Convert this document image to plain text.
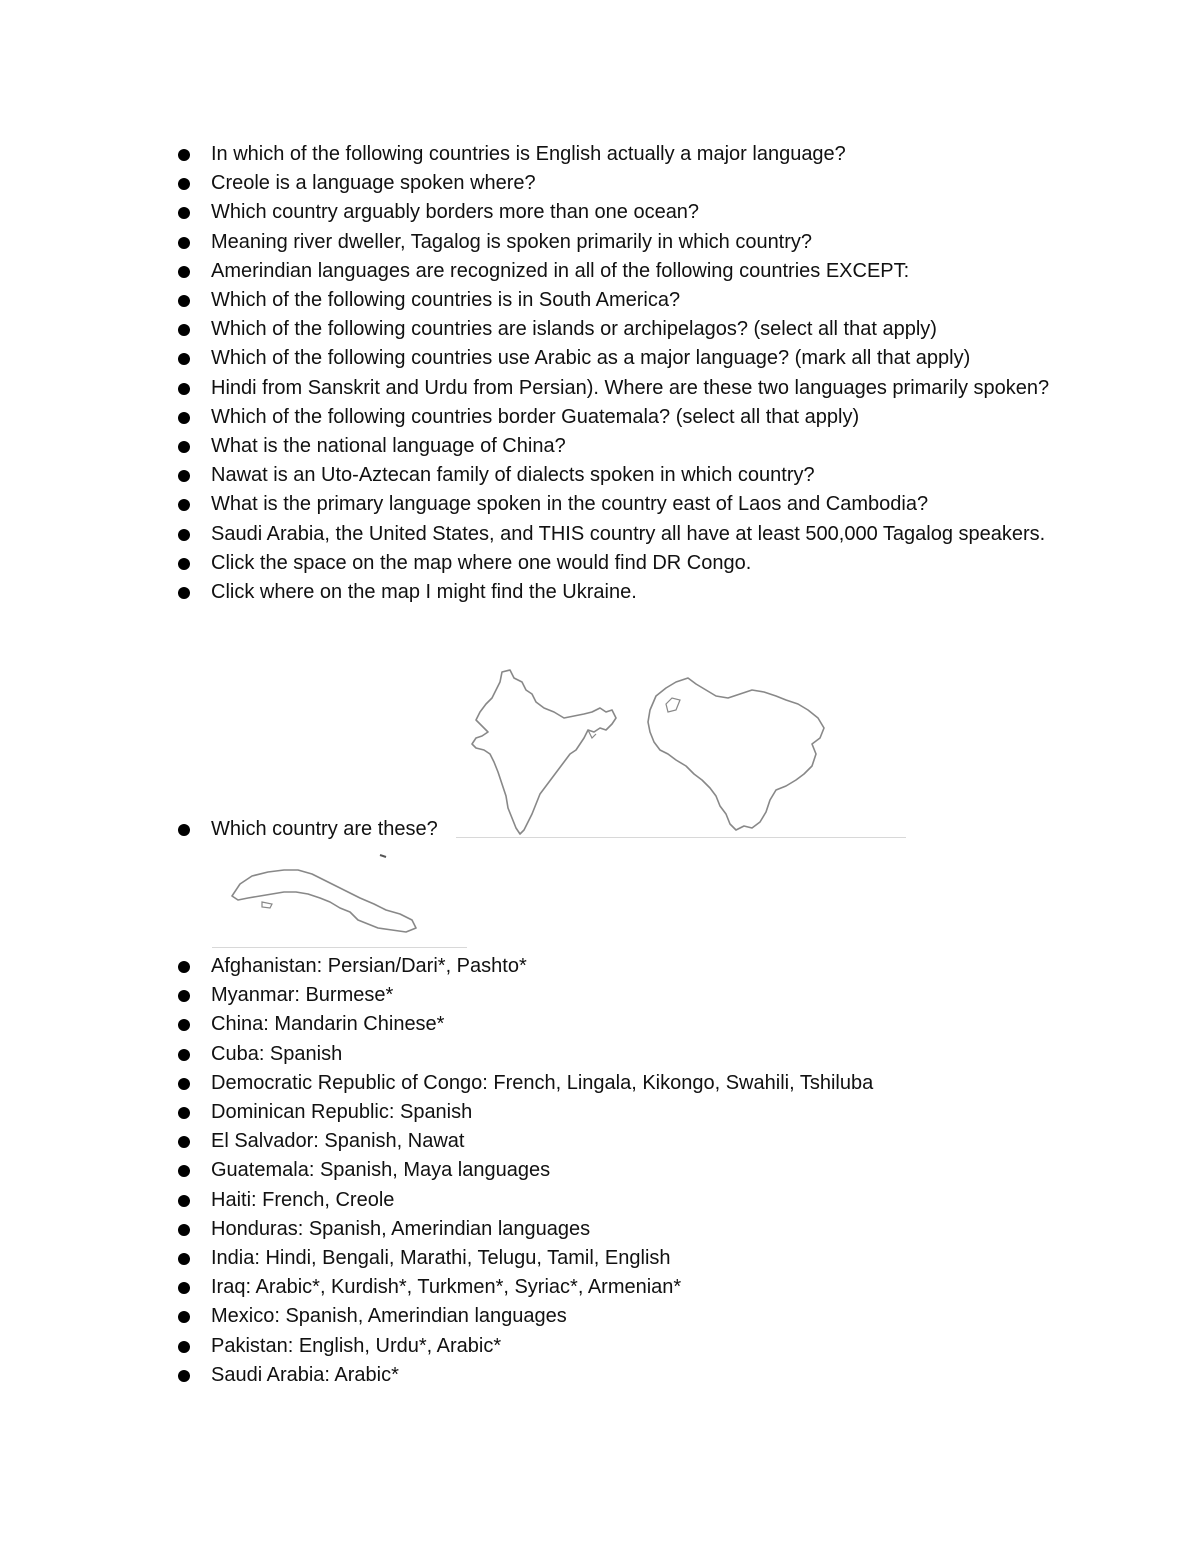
In which of the following countries is English actually a major language?
Creole is a language spoken where?
Which country arguably borders more than one ocean?
Meaning river dweller, Tagalog is spoken primarily in which country?
Amerindian languages are recognized in all of the following countries EXCEPT:
Which of the following countries is in South America?
Which of the following countries are islands or archipelagos? (select all that apply)
Which of the following countries use Arabic as a major language? (mark all that apply)
Hindi from Sanskrit and Urdu from Persian). Where are these two languages primarily spoken?
Which of the following countries border Guatemala? (select all that apply)
What is the national language of China?
Nawat is an Uto-Aztecan family of dialects spoken in which country?
What is the primary language spoken in the country east of Laos and Cambodia?
Saudi Arabia, the United States, and THIS country all have at least 500,000 Tagalog speakers.
Click the space on the map where one would find DR Congo.
Click where on the map I might find the Ukraine.
Which country are these?
Afghanistan: Persian/Dari*, Pashto*
Myanmar: Burmese*
China: Mandarin Chinese*
Cuba: Spanish
Democratic Republic of Congo: French, Lingala, Kikongo, Swahili, Tshiluba
Dominican Republic: Spanish
El Salvador: Spanish, Nawat
Guatemala: Spanish, Maya languages
Haiti: French, Creole
Honduras: Spanish, Amerindian languages
India: Hindi, Bengali, Marathi, Telugu, Tamil, English
Iraq: Arabic*, Kurdish*, Turkmen*, Syriac*, Armenian*
Mexico: Spanish, Amerindian languages
Pakistan: English, Urdu*, Arabic*
Saudi Arabia: Arabic*
